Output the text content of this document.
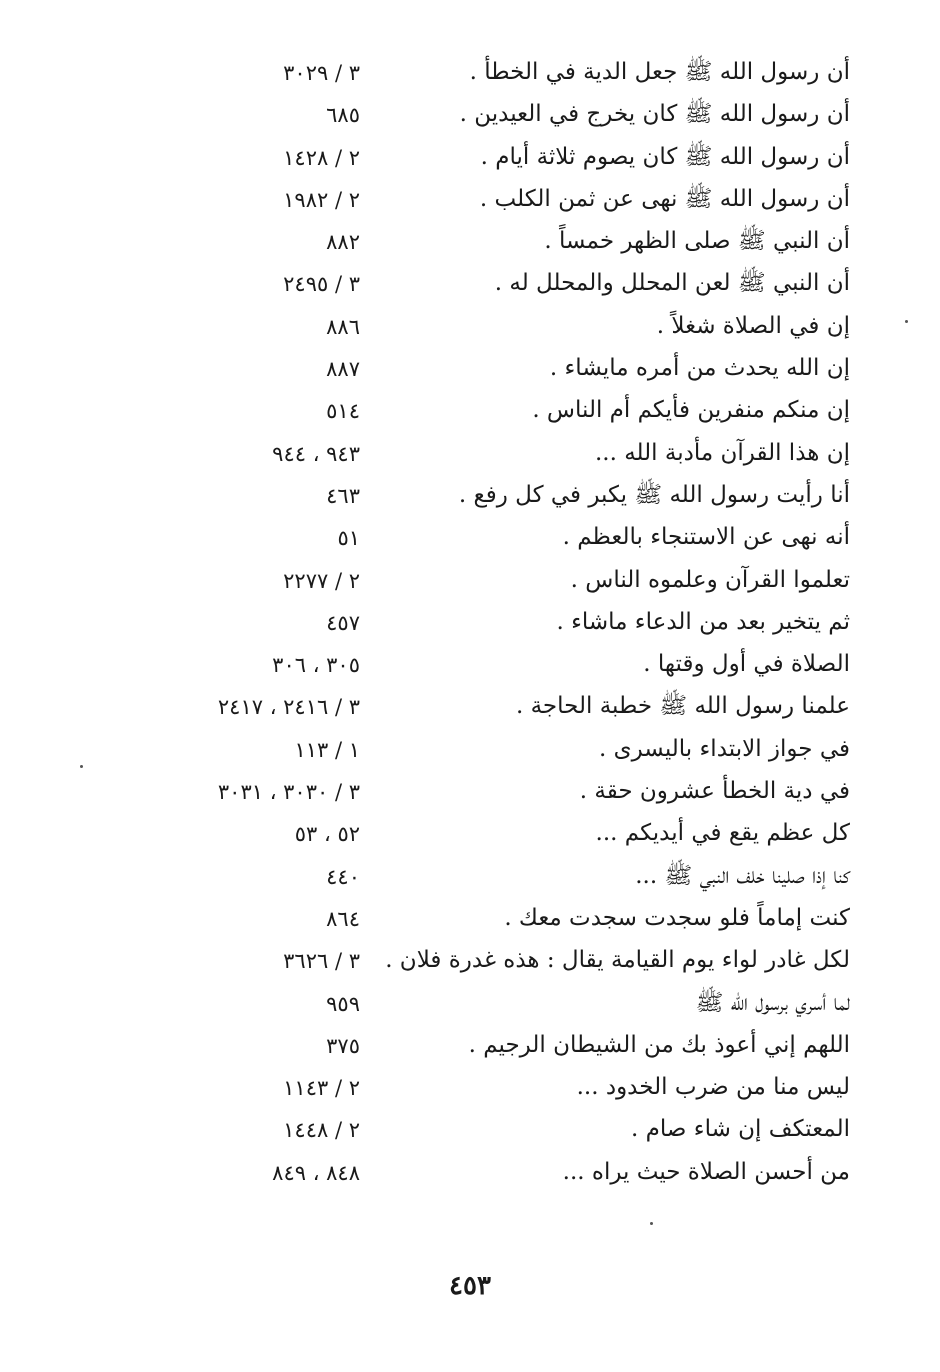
أن رسول الله ﷺ جعل الدية في الخطأ .
٣ / ٣٠٢٩
أن رسول الله ﷺ كان يخرج في العيدين .
٦٨٥
أن رسول الله ﷺ كان يصوم ثلاثة أيام .
٢ / ١٤٢٨
أن رسول الله ﷺ نهى عن ثمن الكلب .
٢ / ١٩٨٢
أن النبي ﷺ صلى الظهر خمساً .
٨٨٢
أن النبي ﷺ لعن المحلل والمحلل له .
٣ / ٢٤٩٥
إن في الصلاة شغلاً .
٨٨٦
إن الله يحدث من أمره مايشاء .
٨٨٧
إن منكم منفرين فأيكم أم الناس .
٥١٤
إن هذا القرآن مأدبة الله ...
٩٤٣ ، ٩٤٤
أنا رأيت رسول الله ﷺ يكبر في كل رفع .
٤٦٣
أنه نهى عن الاستنجاء بالعظم .
٥١
تعلموا القرآن وعلموه الناس .
٢ / ٢٢٧٧
ثم يتخير بعد من الدعاء ماشاء .
٤٥٧
الصلاة في أول وقتها .
٣٠٥ ، ٣٠٦
علمنا رسول الله ﷺ خطبة الحاجة .
٣ / ٢٤١٦ ، ٢٤١٧
في جواز الابتداء باليسرى .
١ / ١١٣
في دية الخطأ عشرون حقة .
٣ / ٣٠٣٠ ، ٣٠٣١
كل عظم يقع في أيديكم ...
٥٢ ، ٥٣
كنا إذا صلينا خلف النبي ﷺ ...
٤٤٠
كنت إماماً فلو سجدت سجدت معك .
٨٦٤
لكل غادر لواء يوم القيامة يقال : هذه غدرة فلان .
٣ / ٣٦٢٦
لما أسري برسول الله ﷺ
٩٥٩
اللهم إني أعوذ بك من الشيطان الرجيم .
٣٧٥
ليس منا من ضرب الخدود ...
٢ / ١١٤٣
المعتكف إن شاء صام .
٢ / ١٤٤٨
من أحسن الصلاة حيث يراه ...
٨٤٨ ، ٨٤٩
٤٥٣
